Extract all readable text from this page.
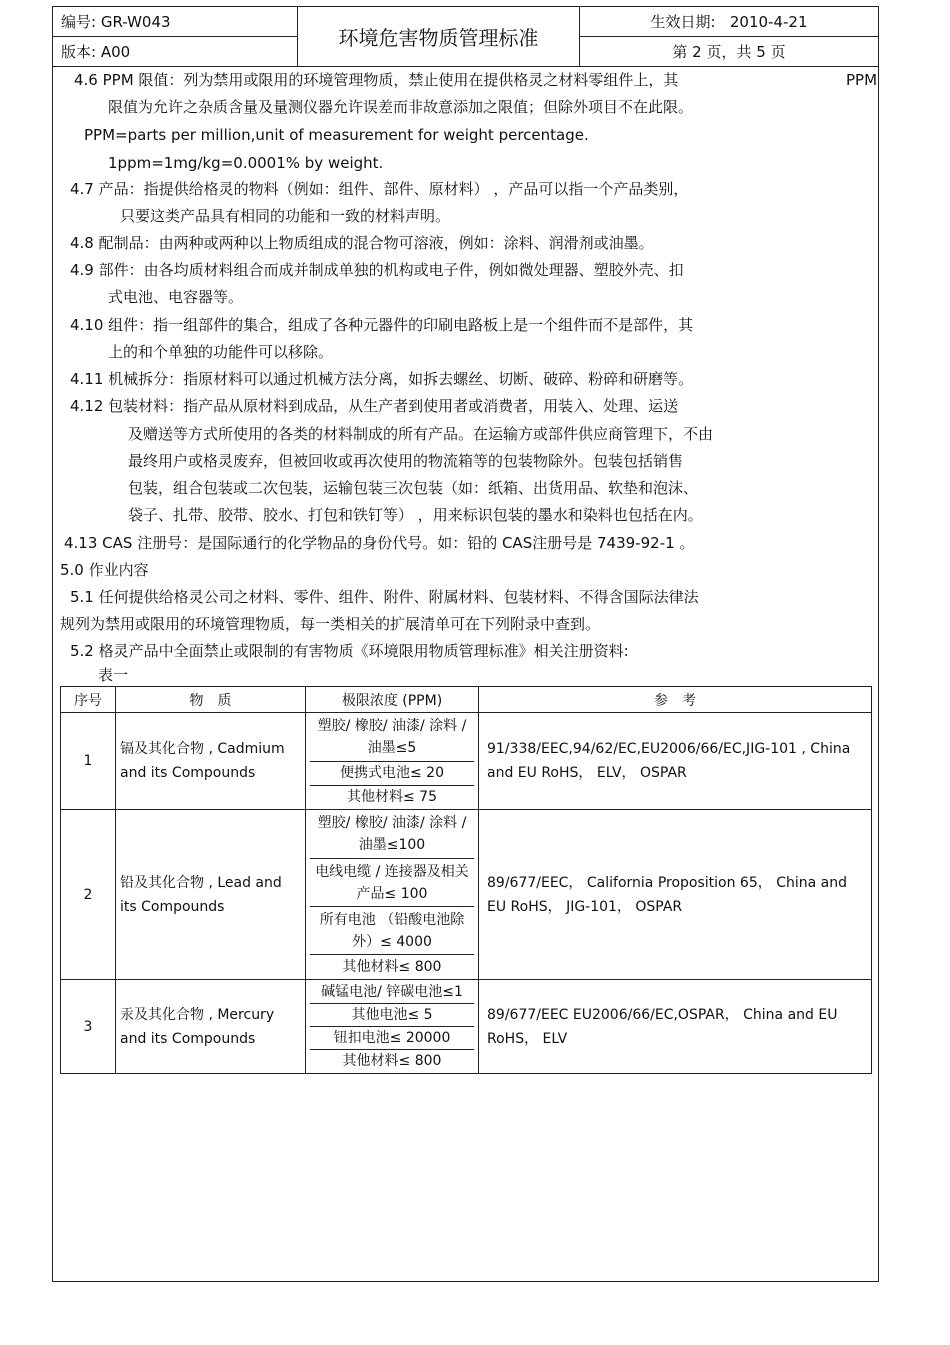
编号: GR-W043	环境危害物质管理标准	生效日期: 2010-4-21
版本: A00		第 2 页，共 5 页
4.6 PPM 限值：列为禁用或限用的环境管理物质，禁止使用在提供格灵之材料零组件上，其	PPM
限值为允许之杂质含量及量测仪器允许误差而非故意添加之限值；但除外项目不在此限。
PPM=parts per million,unit of measurement for weight percentage.
1ppm=1mg/kg=0.0001% by weight.
4.7 产品：指提供给格灵的物料（例如：组件、部件、原材料） ，产品可以指一个产品类别，
只要这类产品具有相同的功能和一致的材料声明。
4.8 配制品：由两种或两种以上物质组成的混合物可溶液，例如：涂料、润滑剂或油墨。
4.9 部件：由各均质材料组合而成并制成单独的机构或电子件，例如微处理器、塑胶外壳、扣
式电池、电容器等。
4.10 组件：指一组部件的集合，组成了各种元器件的印刷电路板上是一个组件而不是部件，其
上的和个单独的功能件可以移除。
4.11 机械拆分：指原材料可以通过机械方法分离，如拆去螺丝、切断、破碎、粉碎和研磨等。
4.12 包装材料：指产品从原材料到成品，从生产者到使用者或消费者，用装入、处理、运送
及赠送等方式所使用的各类的材料制成的所有产品。在运输方或部件供应商管理下，不由
最终用户或格灵废弃，但被回收或再次使用的物流箱等的包装物除外。包装包括销售
包装，组合包装或二次包装，运输包装三次包装（如：纸箱、出货用品、软垫和泡沫、
袋子、扎带、胶带、胶水、打包和铁钉等） ，用来标识包装的墨水和染料也包括在内。
4.13 CAS 注册号：是国际通行的化学物品的身份代号。如：铅的 CAS注册号是 7439-92-1 。
5.0 作业内容
5.1 任何提供给格灵公司之材料、零件、组件、附件、附属材料、包装材料、不得含国际法律法
规列为禁用或限用的环境管理物质，每一类相关的扩展清单可在下列附录中查到。
5.2 格灵产品中全面禁止或限制的有害物质《环境限用物质管理标准》相关注册资料:
表一
序号	物　质	极限浓度 (PPM)	参　考
1	镉及其化合物 , Cadmium and its Compounds	
塑胶/ 橡胶/ 油漆/ 涂料 / 油墨≤5
便携式电池≤ 20
其他材料≤ 75
	91/338/EEC,94/62/EC,EU2006/66/EC,JIG-101 , China and EU RoHS， ELV， OSPAR
2	铅及其化合物 , Lead and its Compounds	
塑胶/ 橡胶/ 油漆/ 涂料 / 油墨≤100
电线电缆 / 连接器及相关产品≤ 100
所有电池 （铅酸电池除外）≤ 4000
其他材料≤ 800
	89/677/EEC， California Proposition 65， China and EU RoHS， JIG-101， OSPAR
3	汞及其化合物 , Mercury and its Compounds	
碱锰电池/ 锌碳电池≤1
其他电池≤ 5
钮扣电池≤ 20000
其他材料≤ 800
	89/677/EEC EU2006/66/EC,OSPAR， China and EU RoHS， ELV
